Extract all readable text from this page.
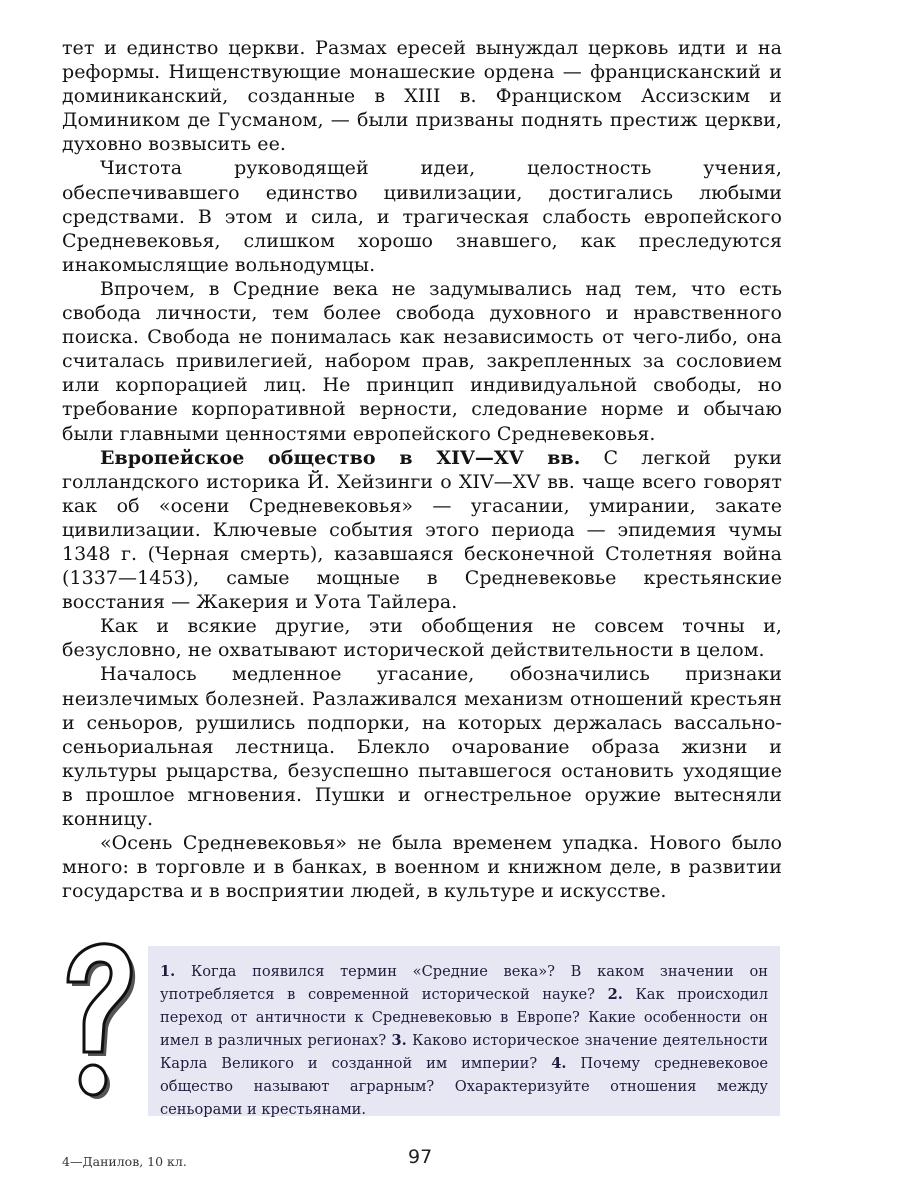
тет и единство церкви. Размах ересей вынуждал церковь идти и на реформы. Нищенствующие монашеские ордена — францисканский и доминиканский, созданные в XIII в. Франциском Ассизским и Домиником де Гусманом, — были призваны поднять престиж церкви, духовно возвысить ее.

Чистота руководящей идеи, целостность учения, обеспечивавшего единство цивилизации, достигались любыми средствами. В этом и сила, и трагическая слабость европейского Средневековья, слишком хорошо знавшего, как преследуются инакомыслящие вольнодумцы.

Впрочем, в Средние века не задумывались над тем, что есть свобода личности, тем более свобода духовного и нравственного поиска. Свобода не понималась как независимость от чего-либо, она считалась привилегией, набором прав, закрепленных за сословием или корпорацией лиц. Не принцип индивидуальной свободы, но требование корпоративной верности, следование норме и обычаю были главными ценностями европейского Средневековья.

Европейское общество в XIV—XV вв. С легкой руки голландского историка Й. Хейзинги о XIV—XV вв. чаще всего говорят как об «осени Средневековья» — угасании, умирании, закате цивилизации. Ключевые события этого периода — эпидемия чумы 1348 г. (Черная смерть), казавшаяся бесконечной Столетняя война (1337—1453), самые мощные в Средневековье крестьянские восстания — Жакерия и Уота Тайлера.

Как и всякие другие, эти обобщения не совсем точны и, безусловно, не охватывают исторической действительности в целом.

Началось медленное угасание, обозначились признаки неизлечимых болезней. Разлаживался механизм отношений крестьян и сеньоров, рушились подпорки, на которых держалась вассально-сеньориальная лестница. Блекло очарование образа жизни и культуры рыцарства, безуспешно пытавшегося остановить уходящие в прошлое мгновения. Пушки и огнестрельное оружие вытесняли конницу.

«Осень Средневековья» не была временем упадка. Нового было много: в торговле и в банках, в военном и книжном деле, в развитии государства и в восприятии людей, в культуре и искусстве.

1. Когда появился термин «Средние века»? В каком значении он употребляется в современной исторической науке? 2. Как происходил переход от античности к Средневековью в Европе? Какие особенности он имел в различных регионах? 3. Каково историческое значение деятельности Карла Великого и созданной им империи? 4. Почему средневековое общество называют аграрным? Охарактеризуйте отношения между сеньорами и крестьянами.

4—Данилов, 10 кл.	97
